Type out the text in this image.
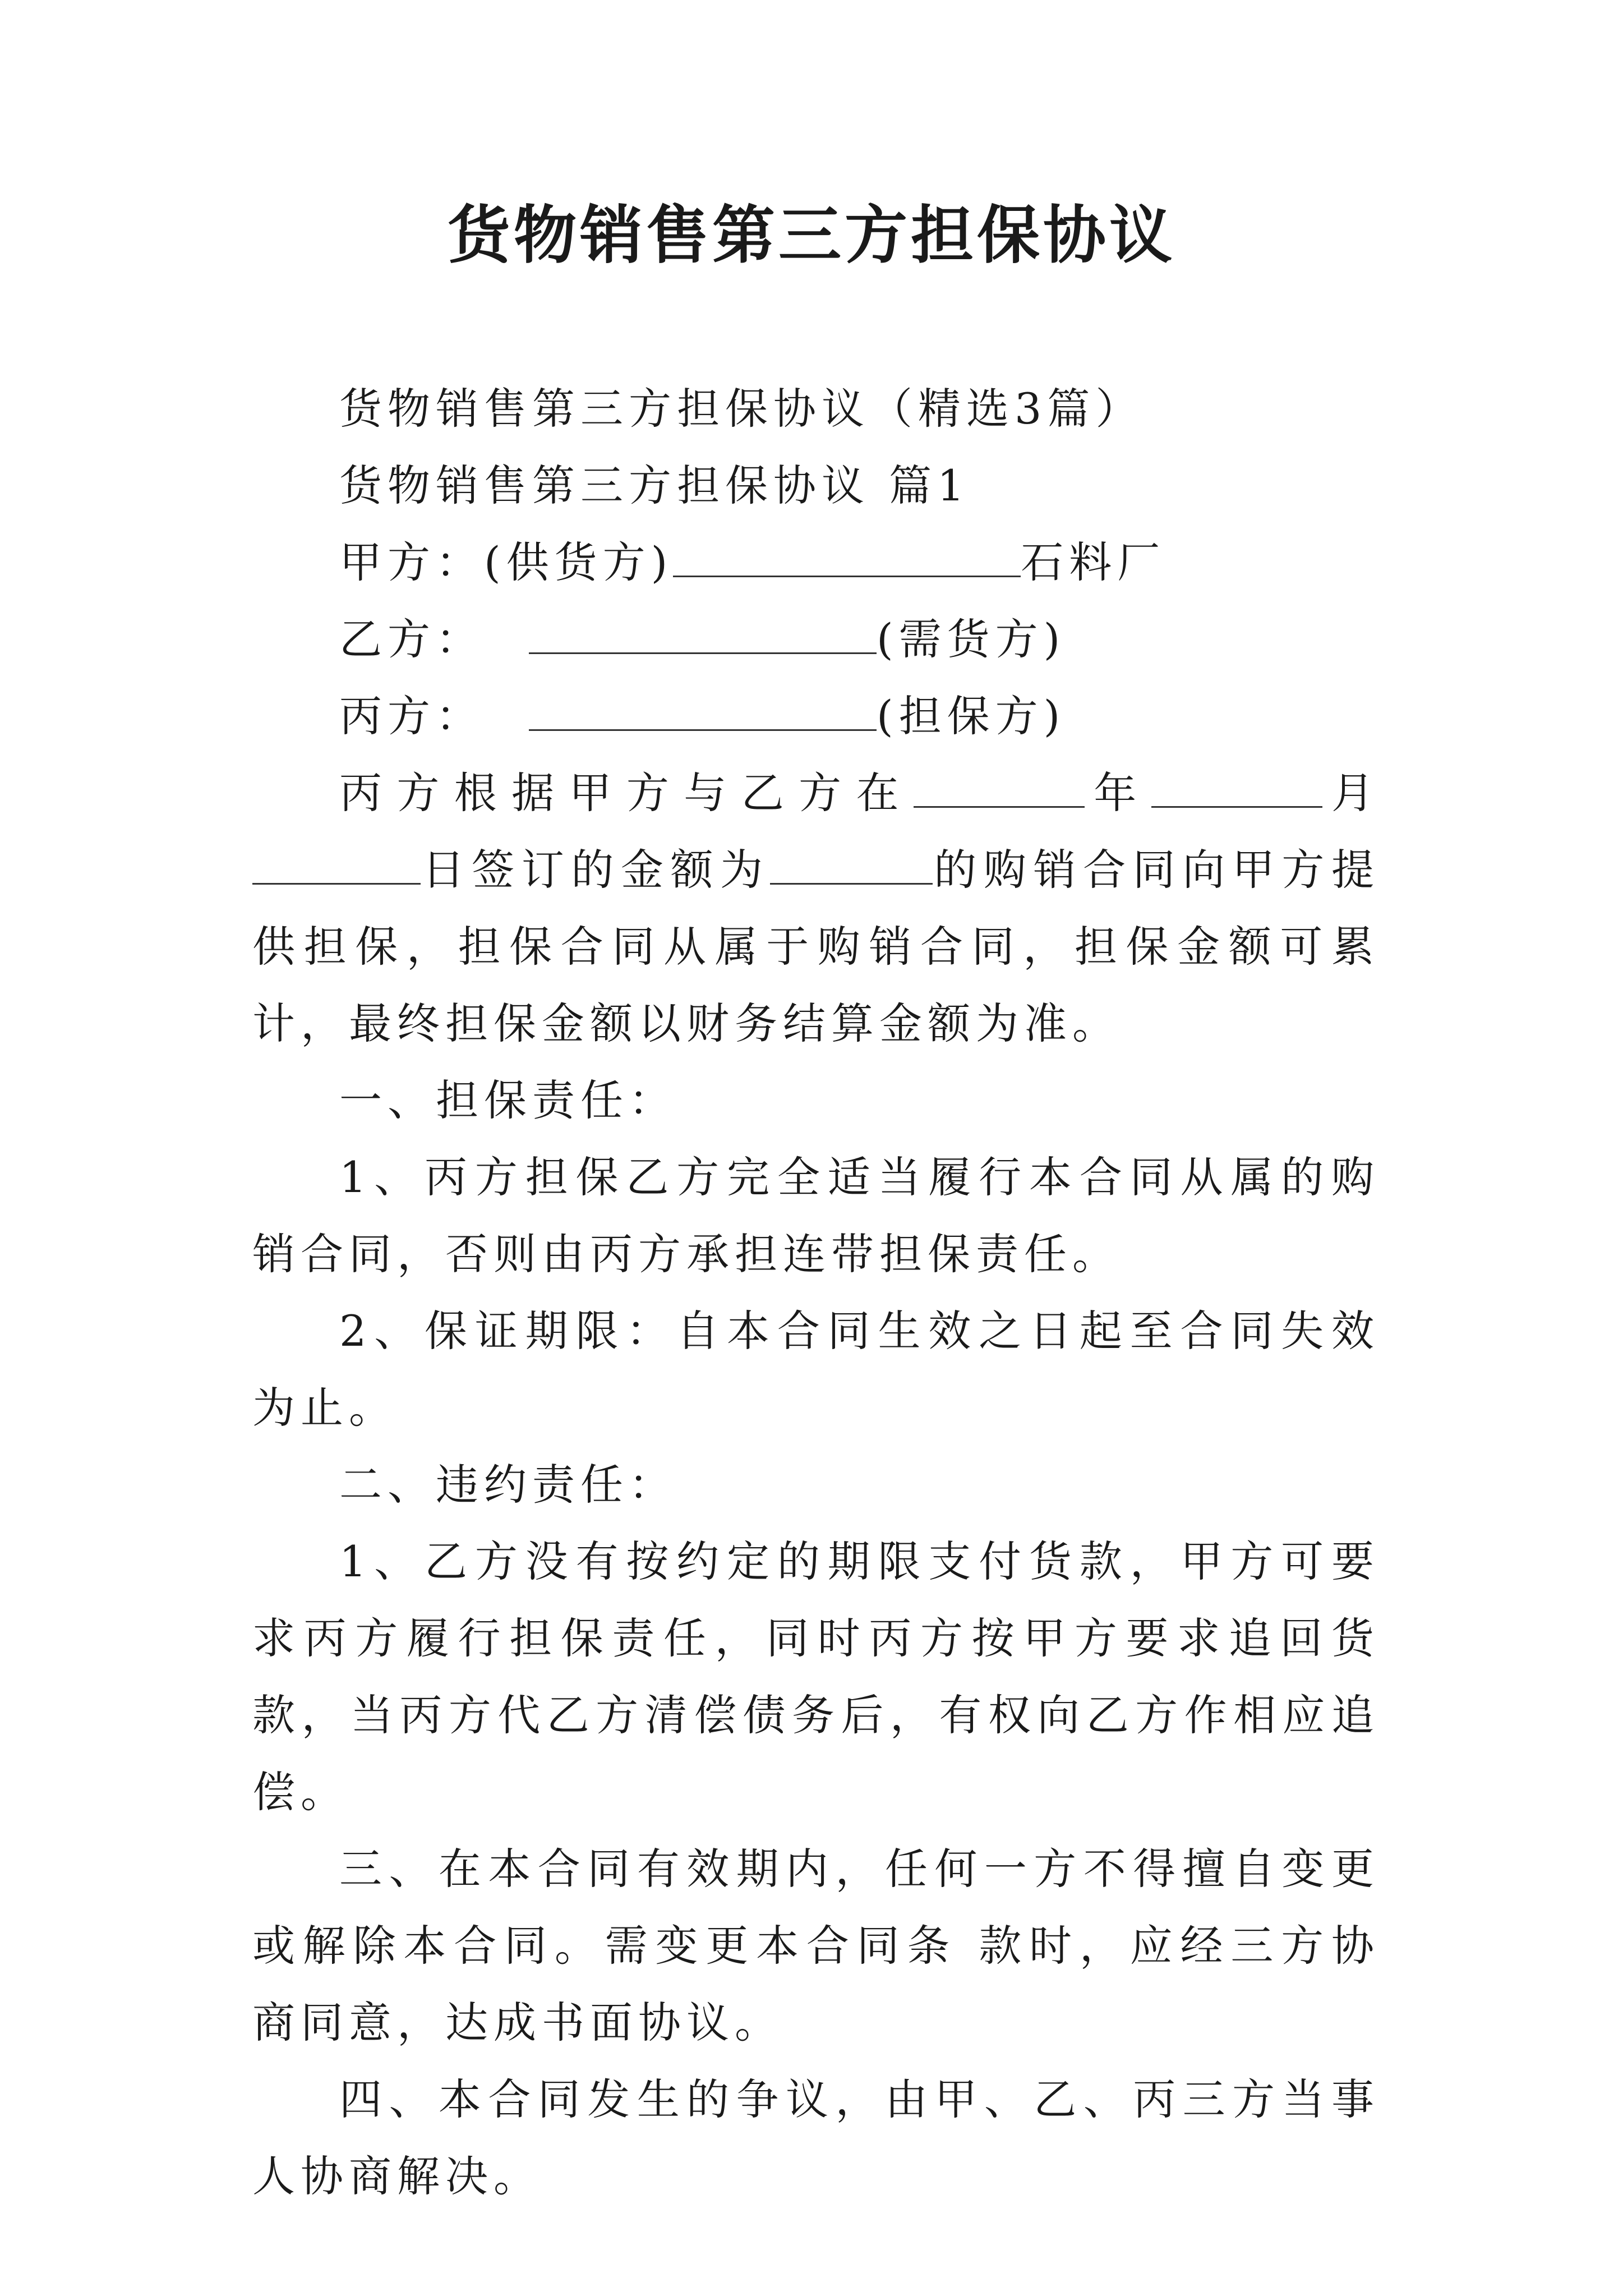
货物销售第三方担保协议
货物销售第三方担保协议（精选3篇）
货物销售第三方担保协议 篇1
甲方：(供货方)	石料厂
乙方：	(需货方)
丙方：	(担保方)
丙方根据甲方与乙方在	年	月日签订的金额为	的购销合同向甲方提供担保，担保合同从属于购销合同，担保金额可累计，最终担保金额以财务结算金额为准。
一、担保责任：
1、丙方担保乙方完全适当履行本合同从属的购销合同，否则由丙方承担连带担保责任。
2、保证期限：自本合同生效之日起至合同失效为止。
二、违约责任：
1、乙方没有按约定的期限支付货款，甲方可要求丙方履行担保责任，同时丙方按甲方要求追回货款，当丙方代乙方清偿债务后，有权向乙方作相应追偿。
三、在本合同有效期内，任何一方不得擅自变更或解除本合同。需变更本合同条 款时，应经三方协商同意，达成书面协议。
四、本合同发生的争议，由甲、乙、丙三方当事人协商解决。
